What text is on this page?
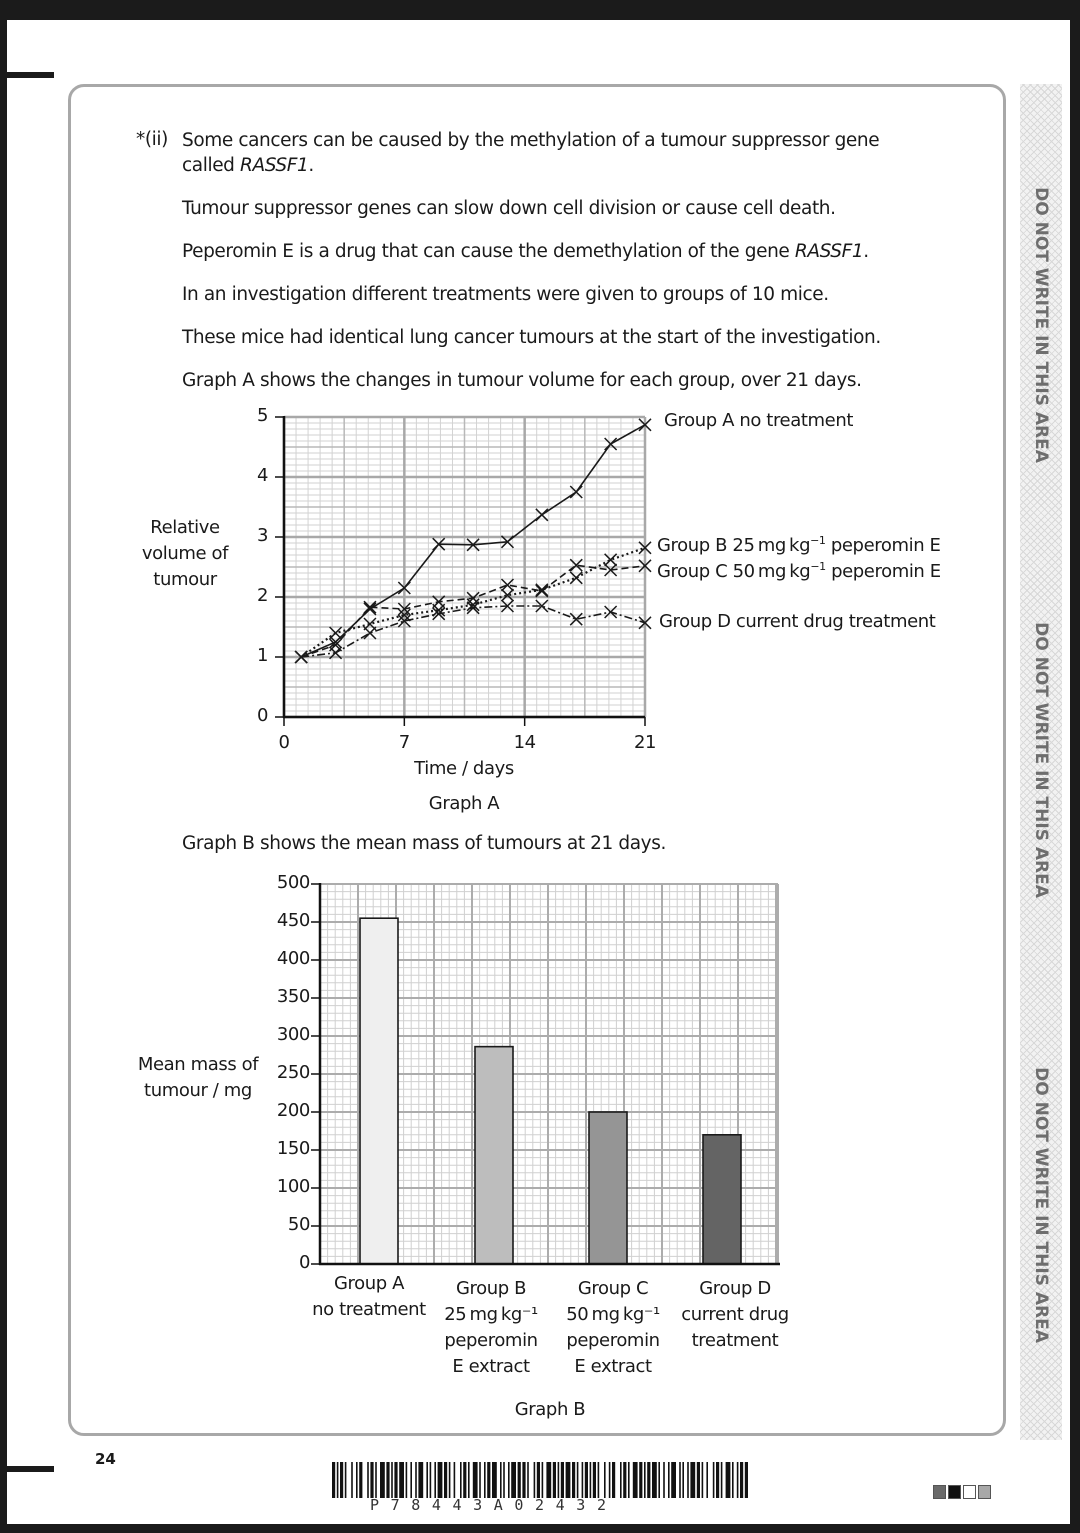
DO NOT WRITE IN THIS AREA
DO NOT WRITE IN THIS AREA
DO NOT WRITE IN THIS AREA
*(ii) Some cancers can be caused by the methylation of a tumour suppressor gene
called RASSF1.
Tumour suppressor genes can slow down cell division or cause cell death.
Peperomin E is a drug that can cause the demethylation of the gene RASSF1.
In an investigation different treatments were given to groups of 10 mice.
These mice had identical lung cancer tumours at the start of the investigation.
Graph A shows the changes in tumour volume for each group, over 21 days.
Relative
volume of
tumour
0
1
2
3
4
5
0	7	14	21
Time / days
Graph A
Group A no treatment
Group B 25 mg $kg^{-1}$ peperomin E
Group C 50 mg $kg^{-1}$ peperomin E
Group D current drug treatment
Graph B shows the mean mass of tumours at 21 days.
Mean mass of
tumour / mg
0
50
100
150
200
250
300
350
400
450
500
Group A
no treatment
Group B
25 mg kg⁻¹
peperomin
E extract
Group C
50 mg kg⁻¹
peperomin
E extract
Group D
current drug
treatment
Graph B
24
P78443A02432
